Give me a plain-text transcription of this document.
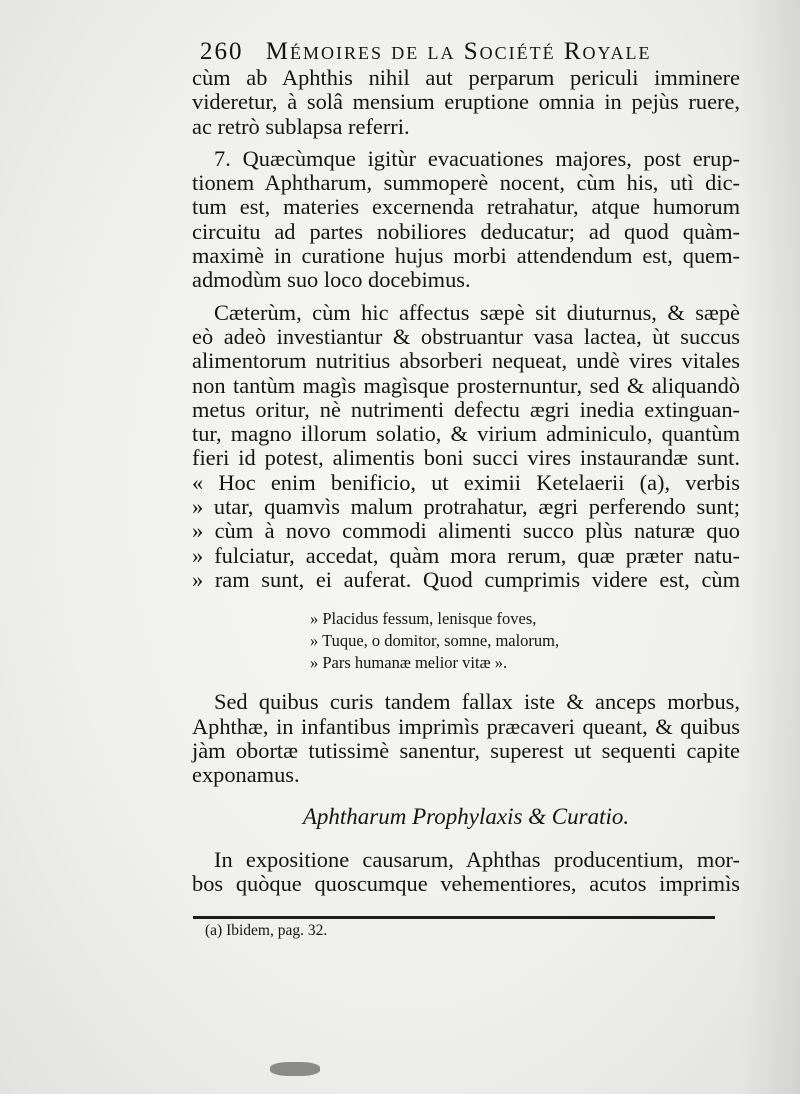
260 Mémoires de la Société Royale
cùm ab Aphthis nihil aut perparum periculi imminere
videretur, à solâ mensium eruptione omnia in pejùs ruere,
ac retrò sublapsa referri.
7. Quæcùmque igitùr evacuationes majores, post erup-
tionem Aphtharum, summoperè nocent, cùm his, utì dic-
tum est, materies excernenda retrahatur, atque humorum
circuitu ad partes nobiliores deducatur; ad quod quàm-
maximè in curatione hujus morbi attendendum est, quem-
admodùm suo loco docebimus.
Cæterùm, cùm hic affectus sæpè sit diuturnus, & sæpè
eò adeò investiantur & obstruantur vasa lactea, ùt succus
alimentorum nutritius absorberi nequeat, undè vires vitales
non tantùm magìs magìsque prosternuntur, sed & aliquandò
metus oritur, nè nutrimenti defectu ægri inedia extinguan-
tur, magno illorum solatio, & virium adminiculo, quantùm
fieri id potest, alimentis boni succi vires instaurandæ sunt.
« Hoc enim benificio, ut eximii Ketelaerii (a), verbis
» utar, quamvìs malum protrahatur, ægri perferendo sunt;
» cùm à novo commodi alimenti succo plùs naturæ quo
» fulciatur, accedat, quàm mora rerum, quæ præter natu-
» ram sunt, ei auferat. Quod cumprimis videre est, cùm
» Placidus fessum, lenisque foves,
» Tuque, o domitor, somne, malorum,
» Pars humanæ melior vitæ ».
Sed quibus curis tandem fallax iste & anceps morbus,
Aphthæ, in infantibus imprimìs præcaveri queant, & quibus
jàm obortæ tutissimè sanentur, superest ut sequenti capite
exponamus.
Aphtharum Prophylaxis & Curatio.
In expositione causarum, Aphthas producentium, mor-
bos quòque quoscumque vehementiores, acutos imprimìs
(a) Ibidem, pag. 32.
